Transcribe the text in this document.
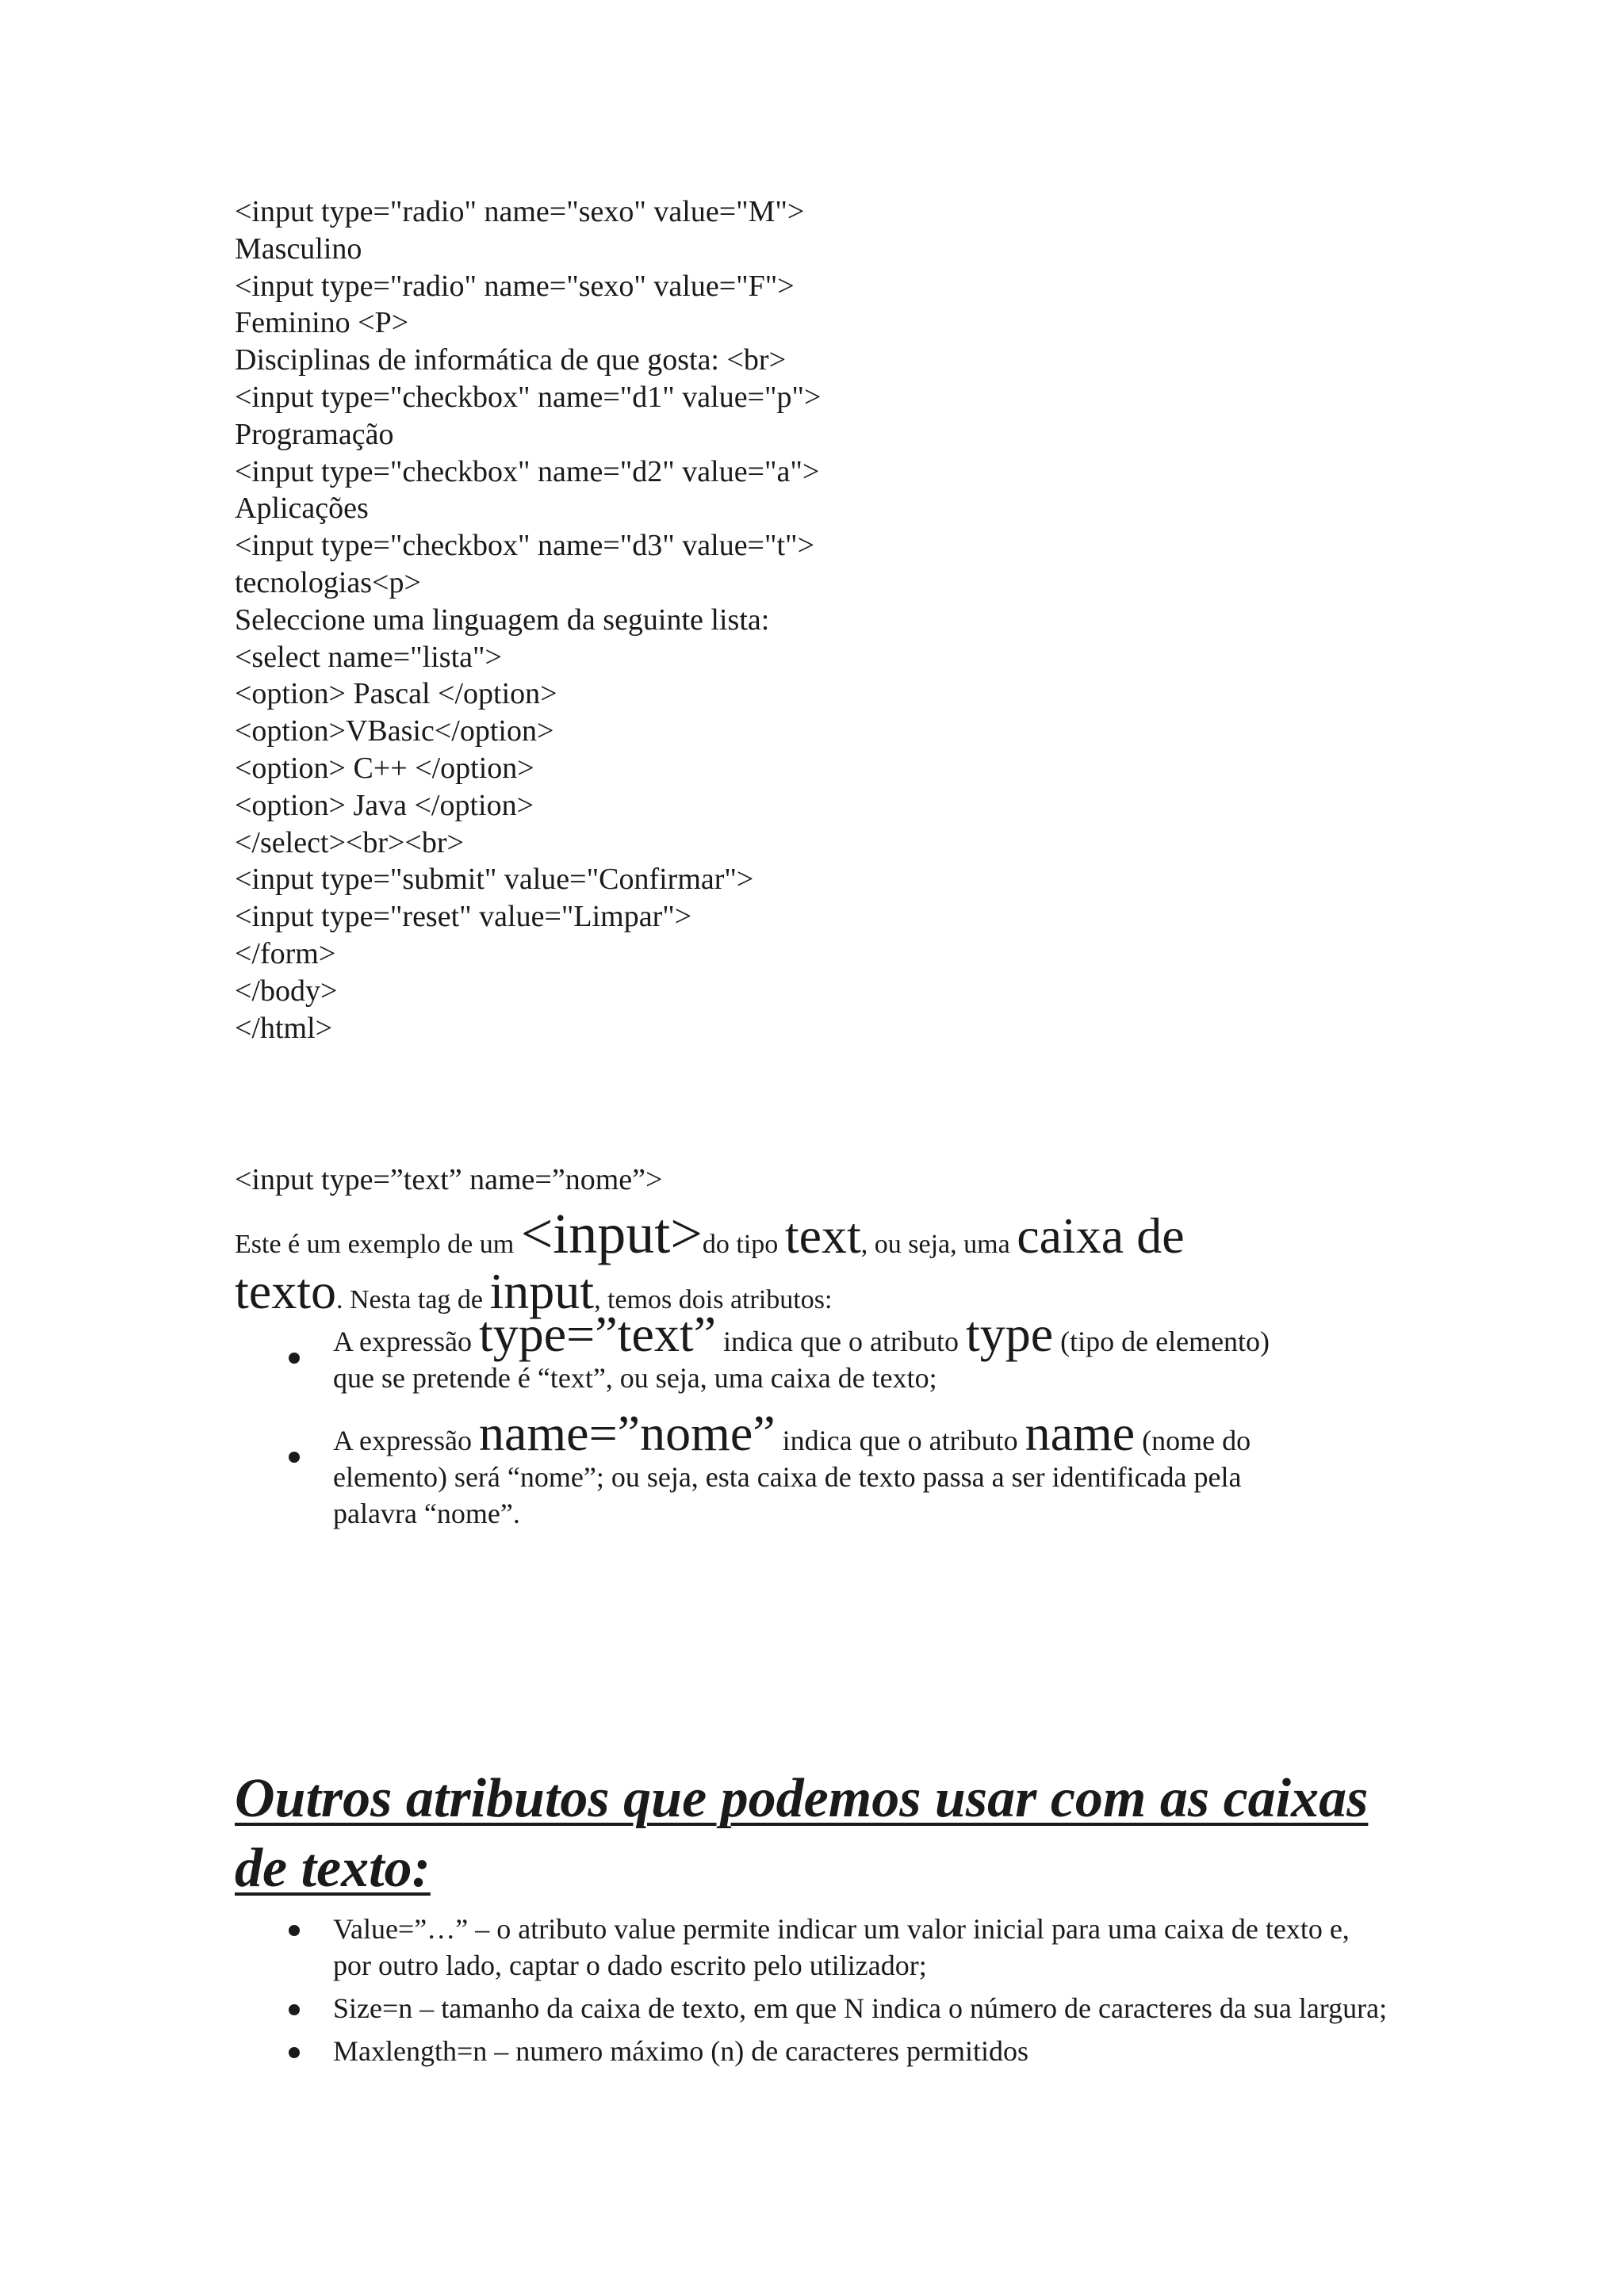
<input type="radio" name="sexo" value="M">
Masculino
<input type="radio" name="sexo" value="F">
Feminino <P>
Disciplinas de informática de que gosta: <br>
<input type="checkbox" name="d1" value="p">
Programação
<input type="checkbox" name="d2" value="a">
Aplicações
<input type="checkbox" name="d3" value="t">
tecnologias<p>
Seleccione uma linguagem da seguinte lista:
<select name="lista">
<option> Pascal </option>
<option>VBasic</option>
<option> C++ </option>
<option> Java </option>
</select><br><br>
<input type="submit" value="Confirmar">
<input type="reset" value="Limpar">
</form>
</body>
</html>
<input type=”text” name=”nome”>
Este é um exemplo de um <input>do tipo text, ou seja, uma caixa de
texto. Nesta tag de input, temos dois atributos:
A expressão type=”text” indica que o atributo type (tipo de elemento)
que se pretende é “text”, ou seja, uma caixa de texto;
A expressão name=”nome” indica que o atributo name (nome do
elemento) será “nome”; ou seja, esta caixa de texto passa a ser identificada pela
palavra “nome”.
Outros atributos que podemos usar com as caixas de texto:
Value=”…” – o atributo value permite indicar um valor inicial para uma caixa de texto e, por outro lado, captar o dado escrito pelo utilizador;
Size=n – tamanho da caixa de texto, em que N indica o número de caracteres da sua largura;
Maxlength=n – numero máximo (n) de caracteres permitidos
